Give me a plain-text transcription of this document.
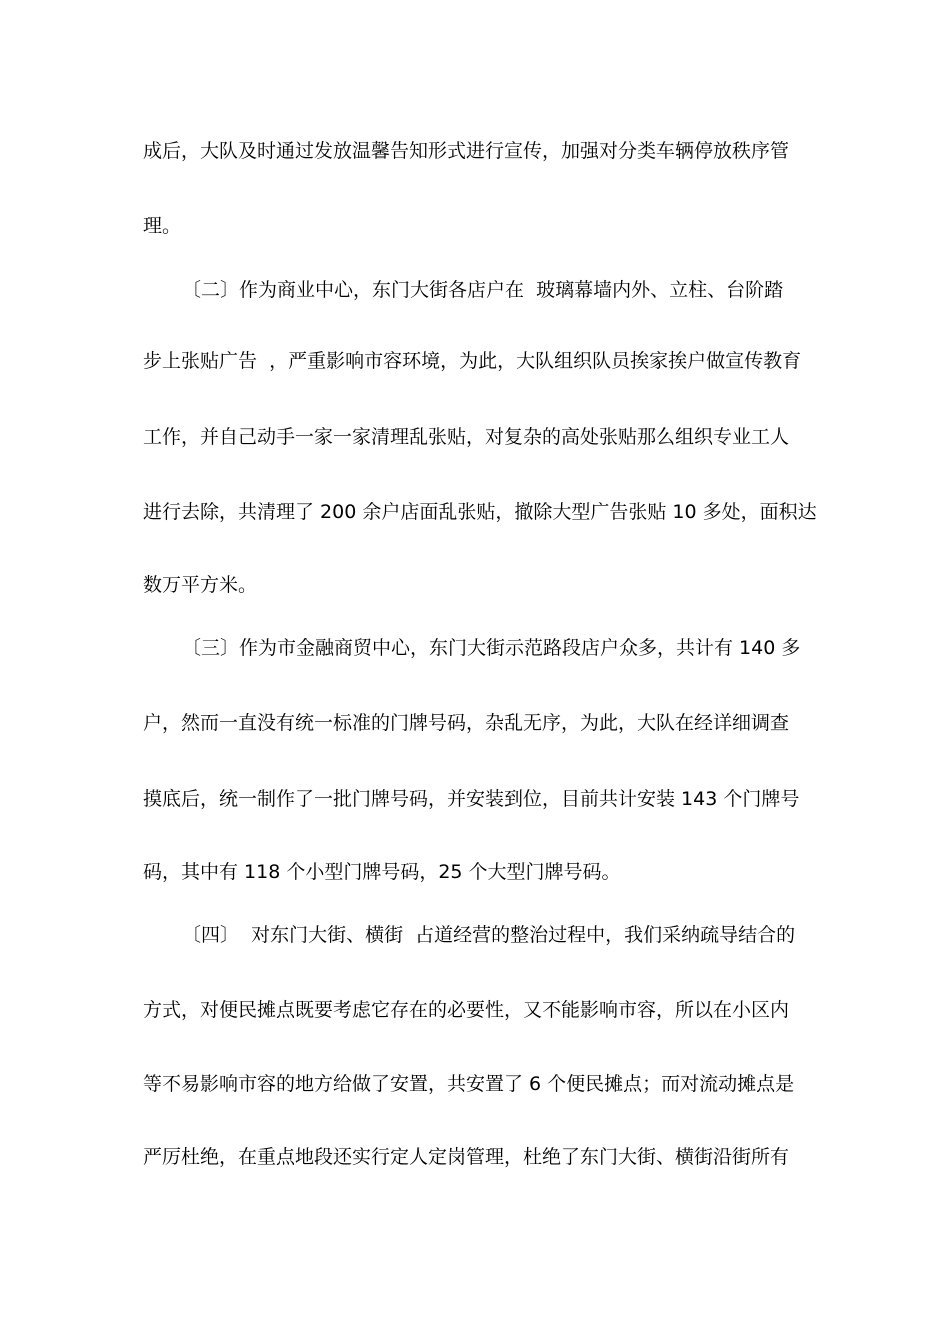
成后，大队及时通过发放温馨告知形式进行宣传，加强对分类车辆停放秩序管
理。
〔二〕作为商业中心，东门大街各店户在  玻璃幕墙内外、立柱、台阶踏
步上张贴广告  ，严重影响市容环境，为此，大队组织队员挨家挨户做宣传教育
工作，并自己动手一家一家清理乱张贴，对复杂的高处张贴那么组织专业工人
进行去除，共清理了 200 余户店面乱张贴，撤除大型广告张贴 10 多处，面积达
数万平方米。
〔三〕作为市金融商贸中心，东门大街示范路段店户众多，共计有 140 多
户，然而一直没有统一标准的门牌号码，杂乱无序，为此，大队在经详细调查
摸底后，统一制作了一批门牌号码，并安装到位，目前共计安装 143 个门牌号
码，其中有 118 个小型门牌号码，25 个大型门牌号码。
〔四〕  对东门大街、横街  占道经营的整治过程中，我们采纳疏导结合的
方式，对便民摊点既要考虑它存在的必要性，又不能影响市容，所以在小区内
等不易影响市容的地方给做了安置，共安置了 6 个便民摊点；而对流动摊点是
严厉杜绝，在重点地段还实行定人定岗管理，杜绝了东门大街、横街沿街所有
